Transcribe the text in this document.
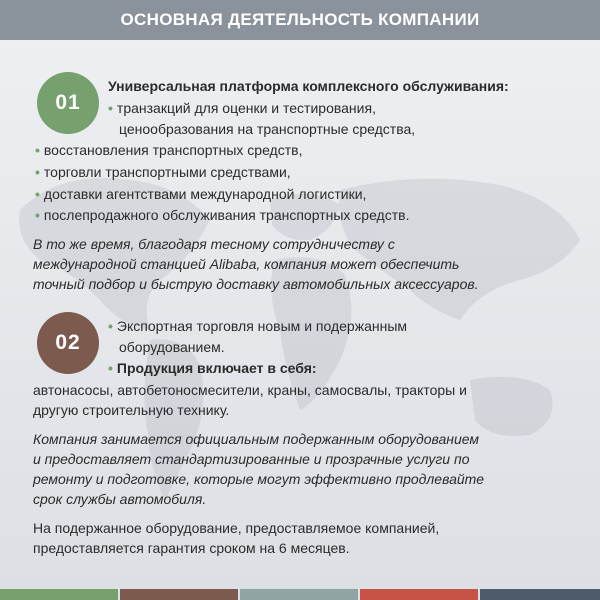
ОСНОВНАЯ ДЕЯТЕЛЬНОСТЬ КОМПАНИИ
01
Универсальная платформа комплексного обслуживания:
• транзакций для оценки и тестирования,
ценообразования на транспортные средства,
• восстановления транспортных средств,
• торговли транспортными средствами,
• доставки агентствами международной логистики,
• послепродажного обслуживания транспортных средств.
В то же время, благодаря тесному сотрудничеству с
международной станцией Alibaba, компания может обеспечить
точный подбор и быструю доставку автомобильных аксессуаров.
02
• Экспортная торговля новым и подержанным
оборудованием.
• Продукция включает в себя:
автонасосы, автобетоносмесители, краны, самосвалы, тракторы и
другую строительную технику.
Компания занимается официальным подержанным оборудованием
и предоставляет стандартизированные и прозрачные услуги по
ремонту и подготовке, которые могут эффективно продлевайте
срок службы автомобиля.
На подержанное оборудование, предоставляемое компанией,
предоставляется гарантия сроком на 6 месяцев.
